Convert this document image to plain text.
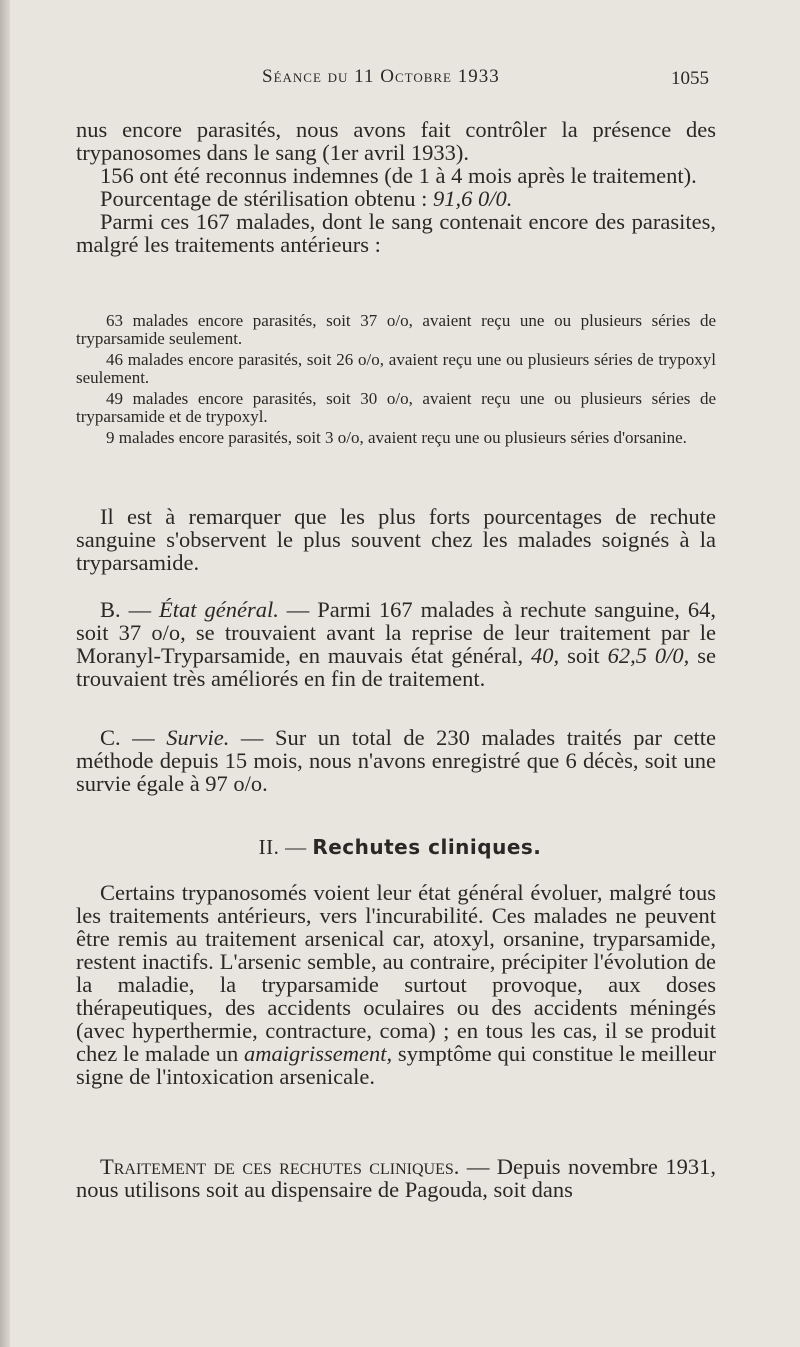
Séance du 11 Octobre 1933	1055
nus encore parasités, nous avons fait contrôler la présence des trypanosomes dans le sang (1er avril 1933).
156 ont été reconnus indemnes (de 1 à 4 mois après le traitement).
Pourcentage de stérilisation obtenu : 91,6 0/0.
Parmi ces 167 malades, dont le sang contenait encore des parasites, malgré les traitements antérieurs :
63 malades encore parasités, soit 37 o/o, avaient reçu une ou plusieurs séries de tryparsamide seulement.
46 malades encore parasités, soit 26 o/o, avaient reçu une ou plusieurs séries de trypoxyl seulement.
49 malades encore parasités, soit 30 o/o, avaient reçu une ou plusieurs séries de tryparsamide et de trypoxyl.
9 malades encore parasités, soit 3 o/o, avaient reçu une ou plusieurs séries d'orsanine.
Il est à remarquer que les plus forts pourcentages de rechute sanguine s'observent le plus souvent chez les malades soignés à la tryparsamide.
B. — État général. — Parmi 167 malades à rechute sanguine, 64, soit 37 o/o, se trouvaient avant la reprise de leur traitement par le Moranyl-Tryparsamide, en mauvais état général, 40, soit 62,5 0/0, se trouvaient très améliorés en fin de traitement.
C. — Survie. — Sur un total de 230 malades traités par cette méthode depuis 15 mois, nous n'avons enregistré que 6 décès, soit une survie égale à 97 o/o.
II. — Rechutes cliniques.
Certains trypanosomés voient leur état général évoluer, malgré tous les traitements antérieurs, vers l'incurabilité. Ces malades ne peuvent être remis au traitement arsenical car, atoxyl, orsanine, tryparsamide, restent inactifs. L'arsenic semble, au contraire, précipiter l'évolution de la maladie, la tryparsamide surtout provoque, aux doses thérapeutiques, des accidents oculaires ou des accidents méningés (avec hyperthermie, contracture, coma) ; en tous les cas, il se produit chez le malade un amaigrissement, symptôme qui constitue le meilleur signe de l'intoxication arsenicale.
Traitement de ces rechutes cliniques. — Depuis novembre 1931, nous utilisons soit au dispensaire de Pagouda, soit dans
